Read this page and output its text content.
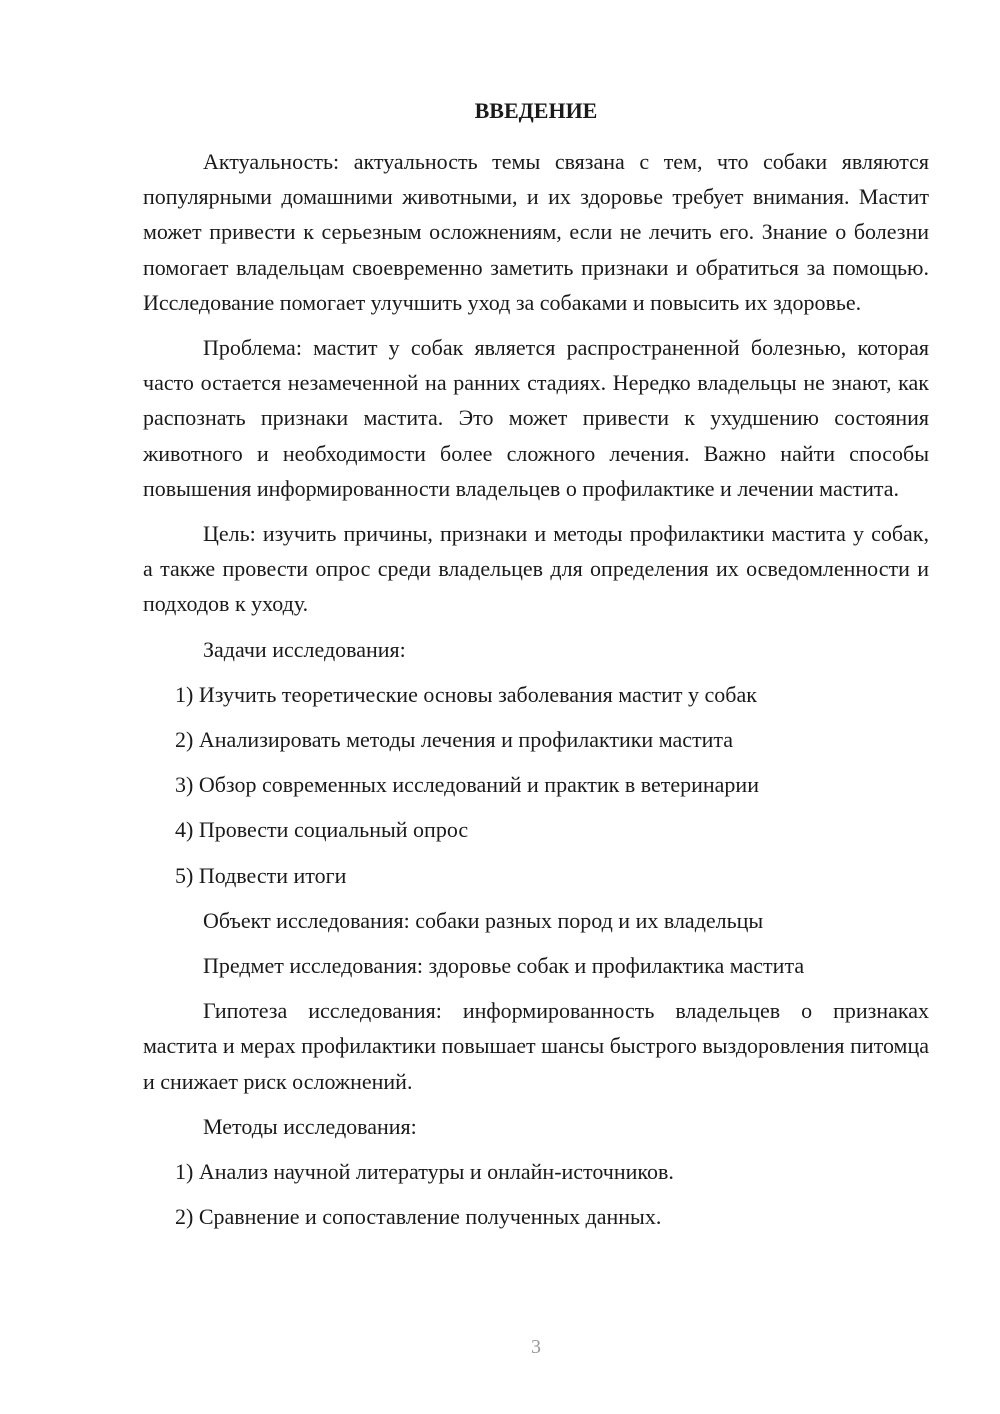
ВВЕДЕНИЕ

Актуальность: актуальность темы связана с тем, что собаки являются популярными домашними животными, и их здоровье требует внимания. Мастит может привести к серьезным осложнениям, если не лечить его. Знание о болезни помогает владельцам своевременно заметить признаки и обратиться за помощью. Исследование помогает улучшить уход за собаками и повысить их здоровье.

Проблема: мастит у собак является распространенной болезнью, которая часто остается незамеченной на ранних стадиях. Нередко владельцы не знают, как распознать признаки мастита. Это может привести к ухудшению состояния животного и необходимости более сложного лечения. Важно найти способы повышения информированности владельцев о профилактике и лечении мастита.

Цель: изучить причины, признаки и методы профилактики мастита у собак, а также провести опрос среди владельцев для определения их осведомленности и подходов к уходу.

Задачи исследования:

1) Изучить теоретические основы заболевания мастит у собак

2) Анализировать методы лечения и профилактики мастита

3) Обзор современных исследований и практик в ветеринарии

4) Провести социальный опрос

5) Подвести итоги

Объект исследования: собаки разных пород и их владельцы

Предмет исследования: здоровье собак и профилактика мастита

Гипотеза исследования: информированность владельцев о признаках мастита и мерах профилактики повышает шансы быстрого выздоровления питомца и снижает риск осложнений.

Методы исследования:

1) Анализ научной литературы и онлайн-источников.

2) Сравнение и сопоставление полученных данных.

3
